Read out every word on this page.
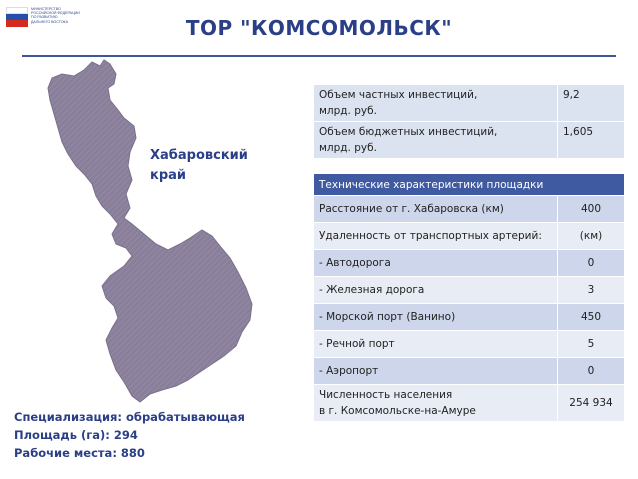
МИНИСТЕРСТВО
РОССИЙСКОЙ ФЕДЕРАЦИИ
ПО РАЗВИТИЮ
ДАЛЬНЕГО ВОСТОКА	ТОР "КОМСОМОЛЬСК"
Хабаровский
край
Объем частных инвестиций,
млрд. руб.	9,2

Объем бюджетных инвестиций,
млрд. руб.	1,605
Технические характеристики площадки	
Расстояние от г. Хабаровска (км)	400
Удаленность от транспортных артерий:	(км)
- Автодорога	0
- Железная дорога	3
- Морской порт (Ванино)	450
- Речной порт	5
- Аэропорт	0

Численность населения
в г. Комсомольске-на-Амуре	254 934
Специализация: обрабатывающая
Площадь (га): 294
Рабочие места: 880
